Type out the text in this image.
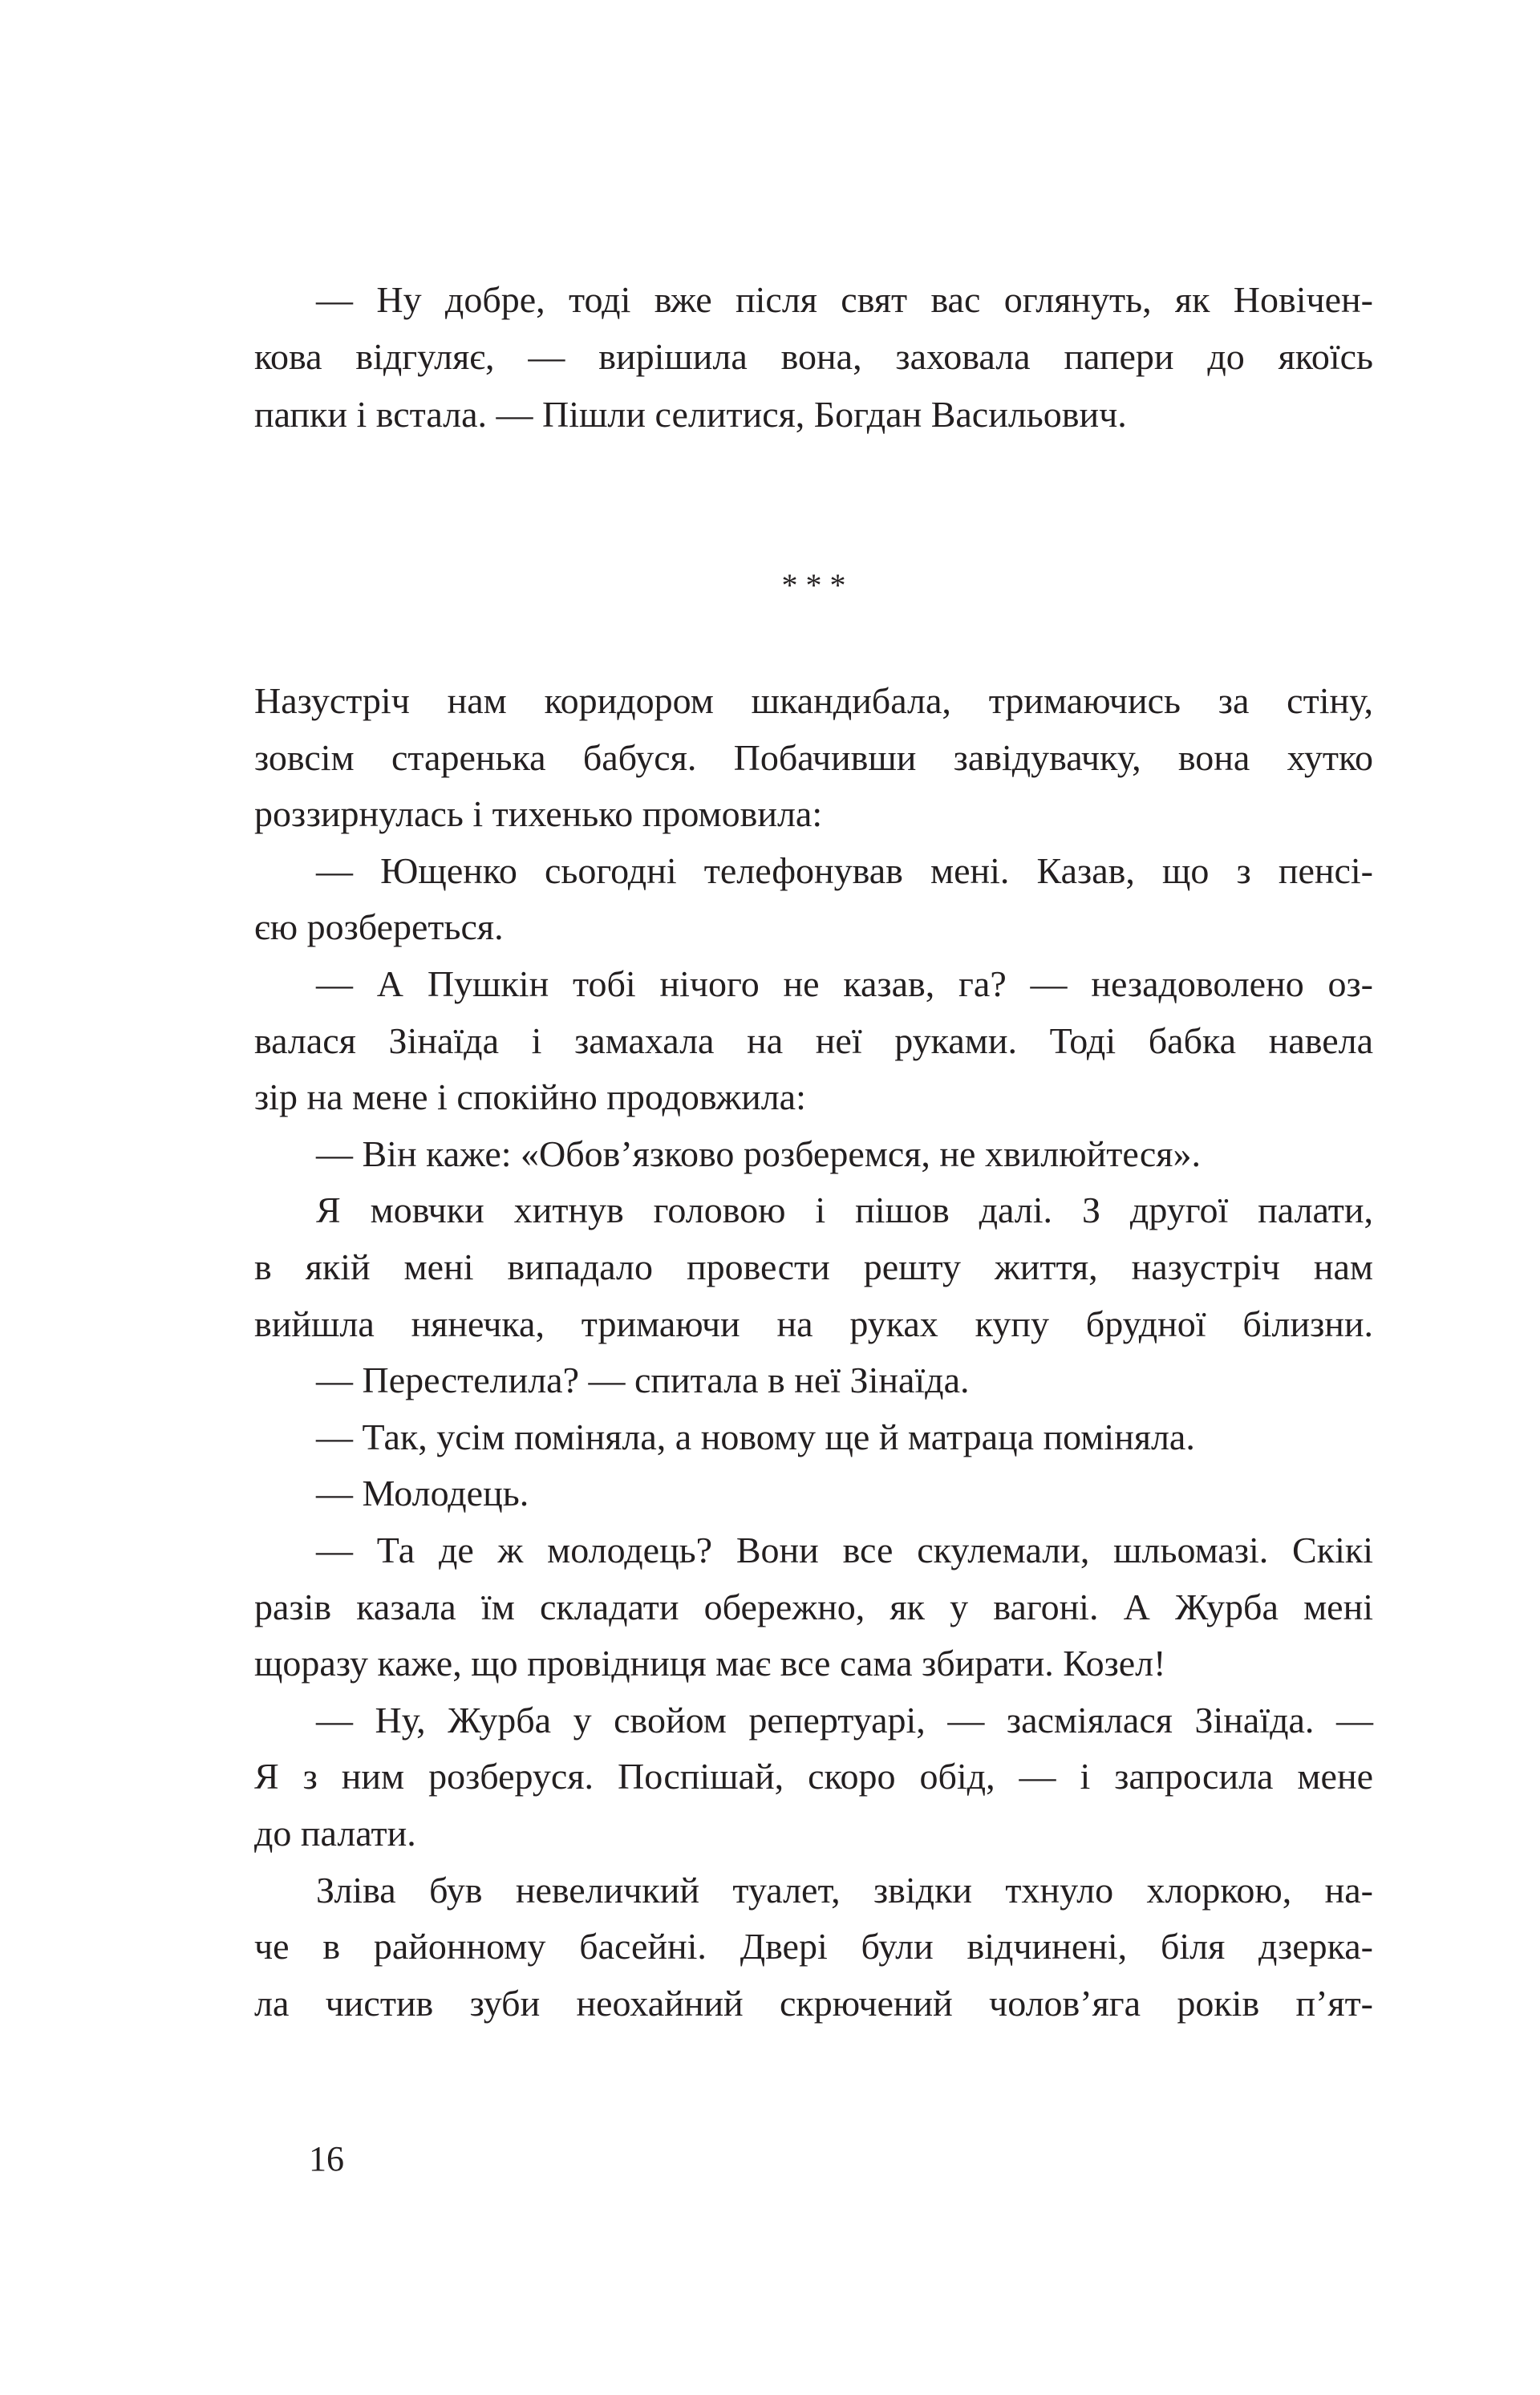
— Ну добре, тоді вже після свят вас оглянуть, як Новічен-
кова відгуляє, — вирішила вона, заховала папери до якоїсь
папки і встала. — Пішли селитися, Богдан Васильович.
* * *
Назустріч нам коридором шкандибала, тримаючись за стіну,
зовсім старенька бабуся. Побачивши завідувачку, вона хутко
роззирнулась і тихенько промовила:
— Ющенко сьогодні телефонував мені. Казав, що з пенсі-
єю розбереться.
— А Пушкін тобі нічого не казав, га? — незадоволено оз-
валася Зінаїда і замахала на неї руками. Тоді бабка навела
зір на мене і спокійно продовжила:
— Він каже: «Обов’язково розберемся, не хвилюйтеся».
Я мовчки хитнув головою і пішов далі. З другої палати,
в якій мені випадало провести решту життя, назустріч нам
вийшла нянечка, тримаючи на руках купу брудної білизни.
— Перестелила? — спитала в неї Зінаїда.
— Так, усім поміняла, а новому ще й матраца поміняла.
— Молодець.
— Та де ж молодець? Вони все скулемали, шльомазі. Скікі
разів казала їм складати обережно, як у вагоні. А Журба мені
щоразу каже, що провідниця має все сама збирати. Козел!
— Ну, Журба у свойом репертуарі, — засміялася Зінаїда. —
Я з ним розберуся. Поспішай, скоро обід, — і запросила мене
до палати.
Зліва був невеличкий туалет, звідки тхнуло хлоркою, на-
че в районному басейні. Двері були відчинені, біля дзерка-
ла чистив зуби неохайний скрючений чолов’яга років п’ят-
16
